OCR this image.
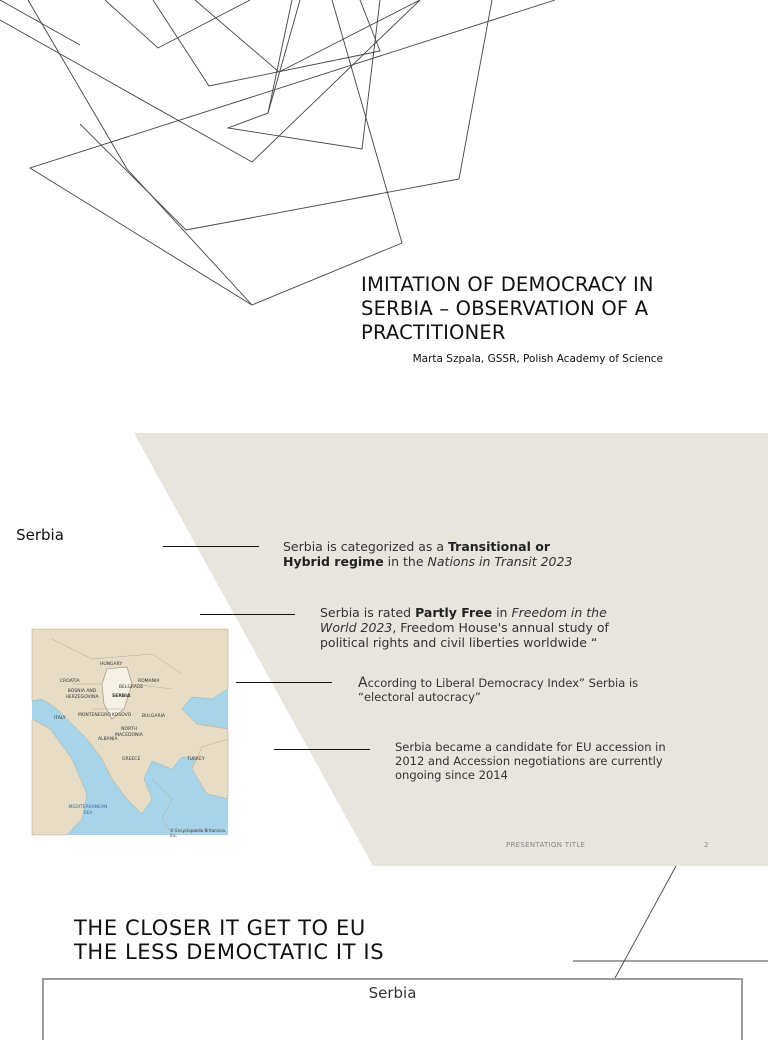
IMITATION OF DEMOCRACY IN
SERBIA – OBSERVATION OF A
PRACTITIONER
Marta Szpala, GSSR, Polish Academy of Science
Serbia
Serbia is categorized as a Transitional or Hybrid regime in the Nations in Transit 2023
Serbia is rated Partly Free in Freedom in the World 2023, Freedom House's annual study of political rights and civil liberties worldwide “
According to Liberal Democracy Index” Serbia is “electoral autocracy”
Serbia became a candidate for EU accession in 2012 and Accession negotiations are currently ongoing since 2014
HUNGARY
CROATIA	ROMANIA
BOSNIA AND HERZEGOVINA	SERBIA
BELGRADE
MONTENEGRO KOSOVO BULGARIA
ITALY
ALBANIA
NORTH MACEDONIA
GREECE	TURKEY
MEDITERRANEAN SEA
© Encyclopædia Britannica, Inc.
PRESENTATION TITLE	2
THE CLOSER IT GET TO EU
THE LESS DEMOCTATIC IT IS
Serbia
